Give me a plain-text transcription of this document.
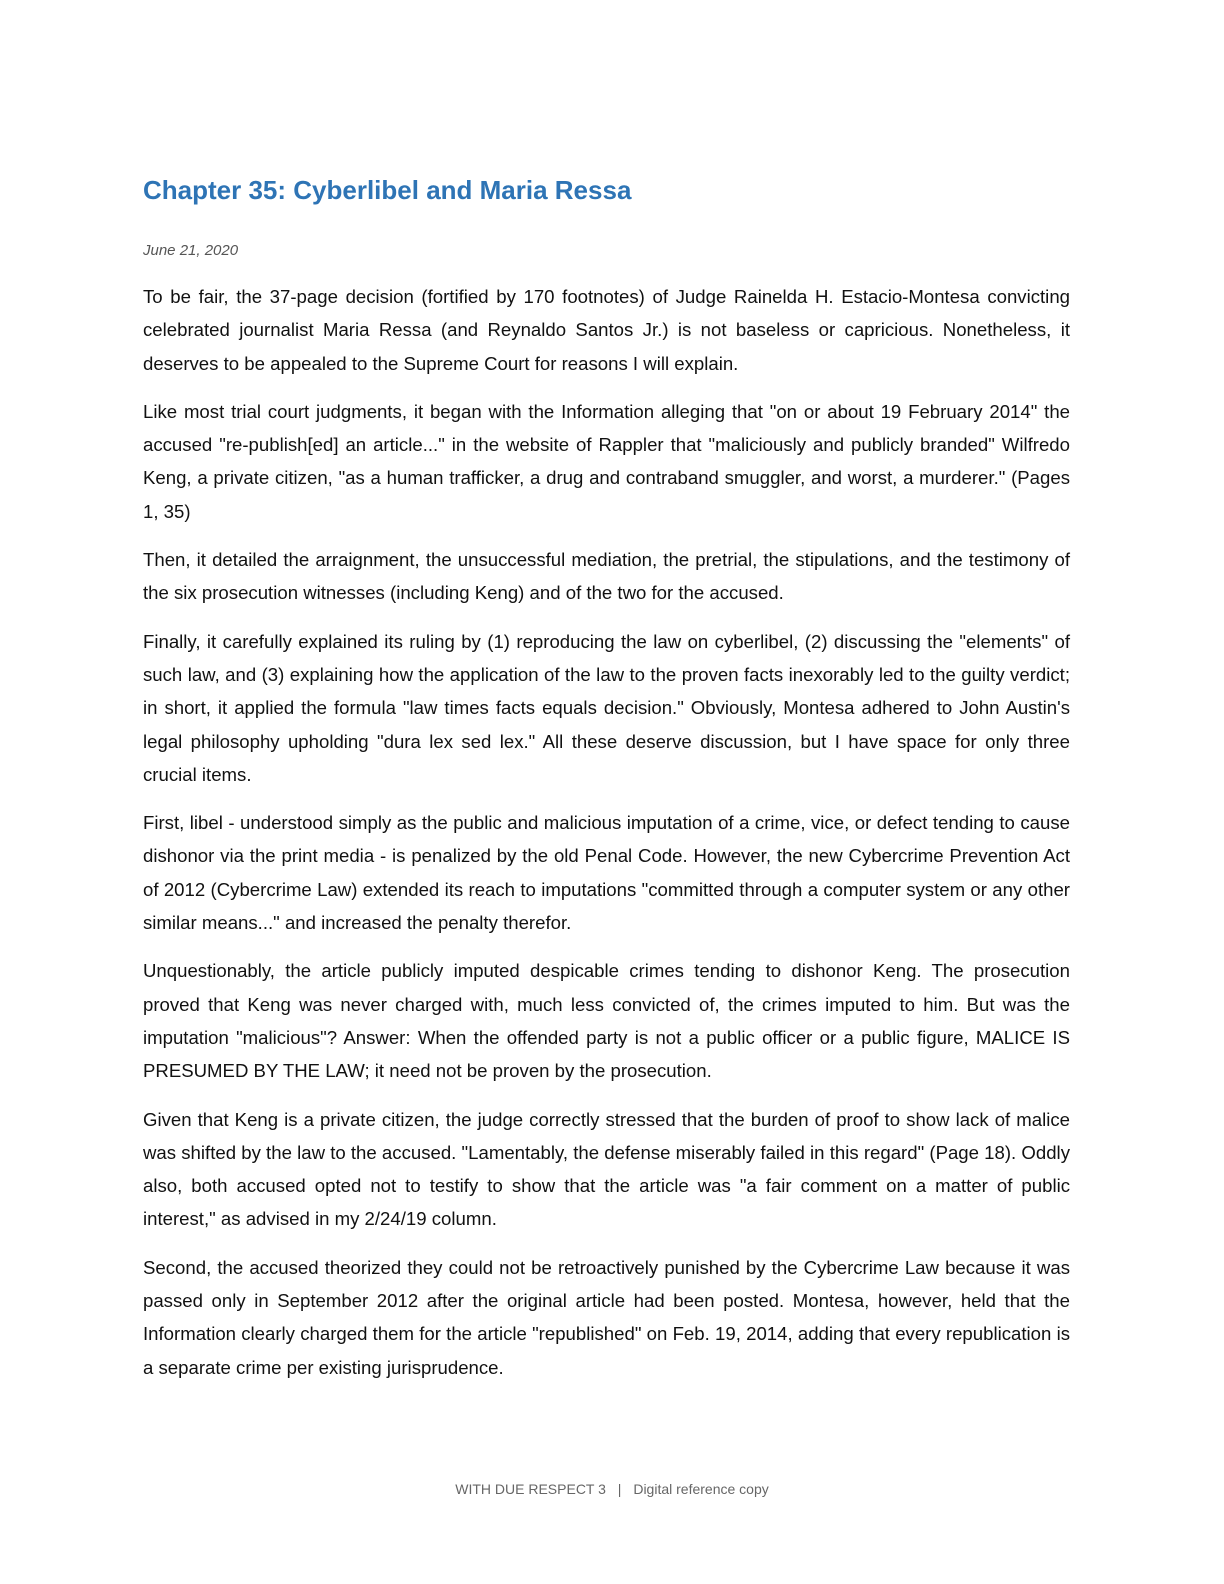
Chapter 35: Cyberlibel and Maria Ressa
June 21, 2020

To be fair, the 37-page decision (fortified by 170 footnotes) of Judge Rainelda H. Estacio-Montesa convicting celebrated journalist Maria Ressa (and Reynaldo Santos Jr.) is not baseless or capricious. Nonetheless, it deserves to be appealed to the Supreme Court for reasons I will explain.

Like most trial court judgments, it began with the Information alleging that "on or about 19 February 2014" the accused "re-publish[ed] an article..." in the website of Rappler that "maliciously and publicly branded" Wilfredo Keng, a private citizen, "as a human trafficker, a drug and contraband smuggler, and worst, a murderer." (Pages 1, 35)

Then, it detailed the arraignment, the unsuccessful mediation, the pretrial, the stipulations, and the testimony of the six prosecution witnesses (including Keng) and of the two for the accused.

Finally, it carefully explained its ruling by (1) reproducing the law on cyberlibel, (2) discussing the "elements" of such law, and (3) explaining how the application of the law to the proven facts inexorably led to the guilty verdict; in short, it applied the formula "law times facts equals decision." Obviously, Montesa adhered to John Austin's legal philosophy upholding "dura lex sed lex." All these deserve discussion, but I have space for only three crucial items.

First, libel - understood simply as the public and malicious imputation of a crime, vice, or defect tending to cause dishonor via the print media - is penalized by the old Penal Code. However, the new Cybercrime Prevention Act of 2012 (Cybercrime Law) extended its reach to imputations "committed through a computer system or any other similar means..." and increased the penalty therefor.

Unquestionably, the article publicly imputed despicable crimes tending to dishonor Keng. The prosecution proved that Keng was never charged with, much less convicted of, the crimes imputed to him. But was the imputation "malicious"? Answer: When the offended party is not a public officer or a public figure, MALICE IS PRESUMED BY THE LAW; it need not be proven by the prosecution.

Given that Keng is a private citizen, the judge correctly stressed that the burden of proof to show lack of malice was shifted by the law to the accused. "Lamentably, the defense miserably failed in this regard" (Page 18). Oddly also, both accused opted not to testify to show that the article was "a fair comment on a matter of public interest," as advised in my 2/24/19 column.

Second, the accused theorized they could not be retroactively punished by the Cybercrime Law because it was passed only in September 2012 after the original article had been posted. Montesa, however, held that the Information clearly charged them for the article "republished" on Feb. 19, 2014, adding that every republication is a separate crime per existing jurisprudence.

WITH DUE RESPECT 3 | Digital reference copy
